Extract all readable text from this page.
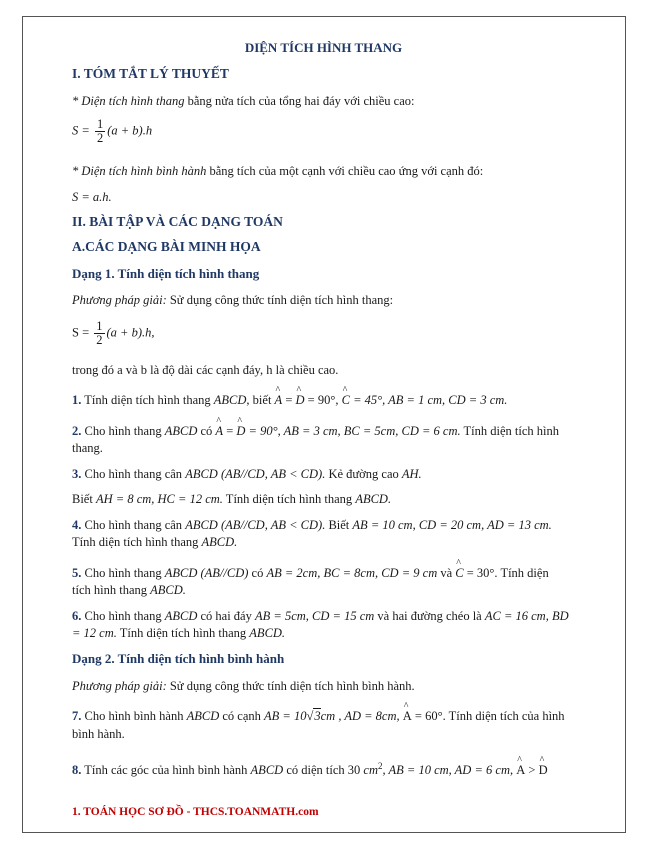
DIỆN TÍCH HÌNH THANG
I. TÓM TẮT LÝ THUYẾT
* Diện tích hình thang bằng nửa tích của tổng hai đáy với chiều cao:
$S = \frac{1}{2} (a + b).h$
* Diện tích hình bình hành bằng tích của một cạnh với chiều cao ứng với cạnh đó:
S = a.h.
II. BÀI TẬP VÀ CÁC DẠNG TOÁN
A.CÁC DẠNG BÀI MINH HỌA
Dạng 1. Tính diện tích hình thang
Phương pháp giải: Sử dụng công thức tính diện tích hình thang:
$S = \frac{1}{2} (a + b).h$,
trong đó a và b là độ dài các cạnh đáy, h là chiều cao.
1. Tính diện tích hình thang ABCD, biết ^ A = ^ D = 90°, ^ C = 45°, AB = 1 cm, CD = 3 cm.
2. Cho hình thang ABCD có ^ A = ^ D = 90°, AB = 3 cm, BC = 5cm, CD = 6 cm. Tính diện tích hình
thang.
3. Cho hình thang cân ABCD (AB//CD, AB < CD). Kẻ đường cao AH.
Biết AH = 8 cm, HC = 12 cm. Tính diện tích hình thang ABCD.
4. Cho hình thang cân ABCD (AB//CD, AB < CD). Biết AB = 10 cm, CD = 20 cm, AD = 13 cm.
Tính diện tích hình thang ABCD.
5. Cho hình thang ABCD (AB//CD) có AB = 2cm, BC = 8cm, CD = 9 cm và ^ C = 30°. Tính diện
tích hình thang ABCD.
6. Cho hình thang ABCD có hai đáy AB = 5cm, CD = 15 cm và hai đường chéo là AC = 16 cm, BD
= 12 cm. Tính diện tích hình thang ABCD.
Dạng 2. Tính diện tích hình bình hành
Phương pháp giải: Sử dụng công thức tính diện tích hình bình hành.
7. Cho hình bình hành ABCD có cạnh AB = 10√3cm , AD = 8cm, ^ A = 60°. Tính diện tích của hình
bình hành.
8. Tính các góc của hình bình hành ABCD có diện tích 30 $cm^2$, AB = 10 cm, AD = 6 cm, ^ A > ^ D
1. TOÁN HỌC SƠ ĐỒ - THCS.TOANMATH.com
